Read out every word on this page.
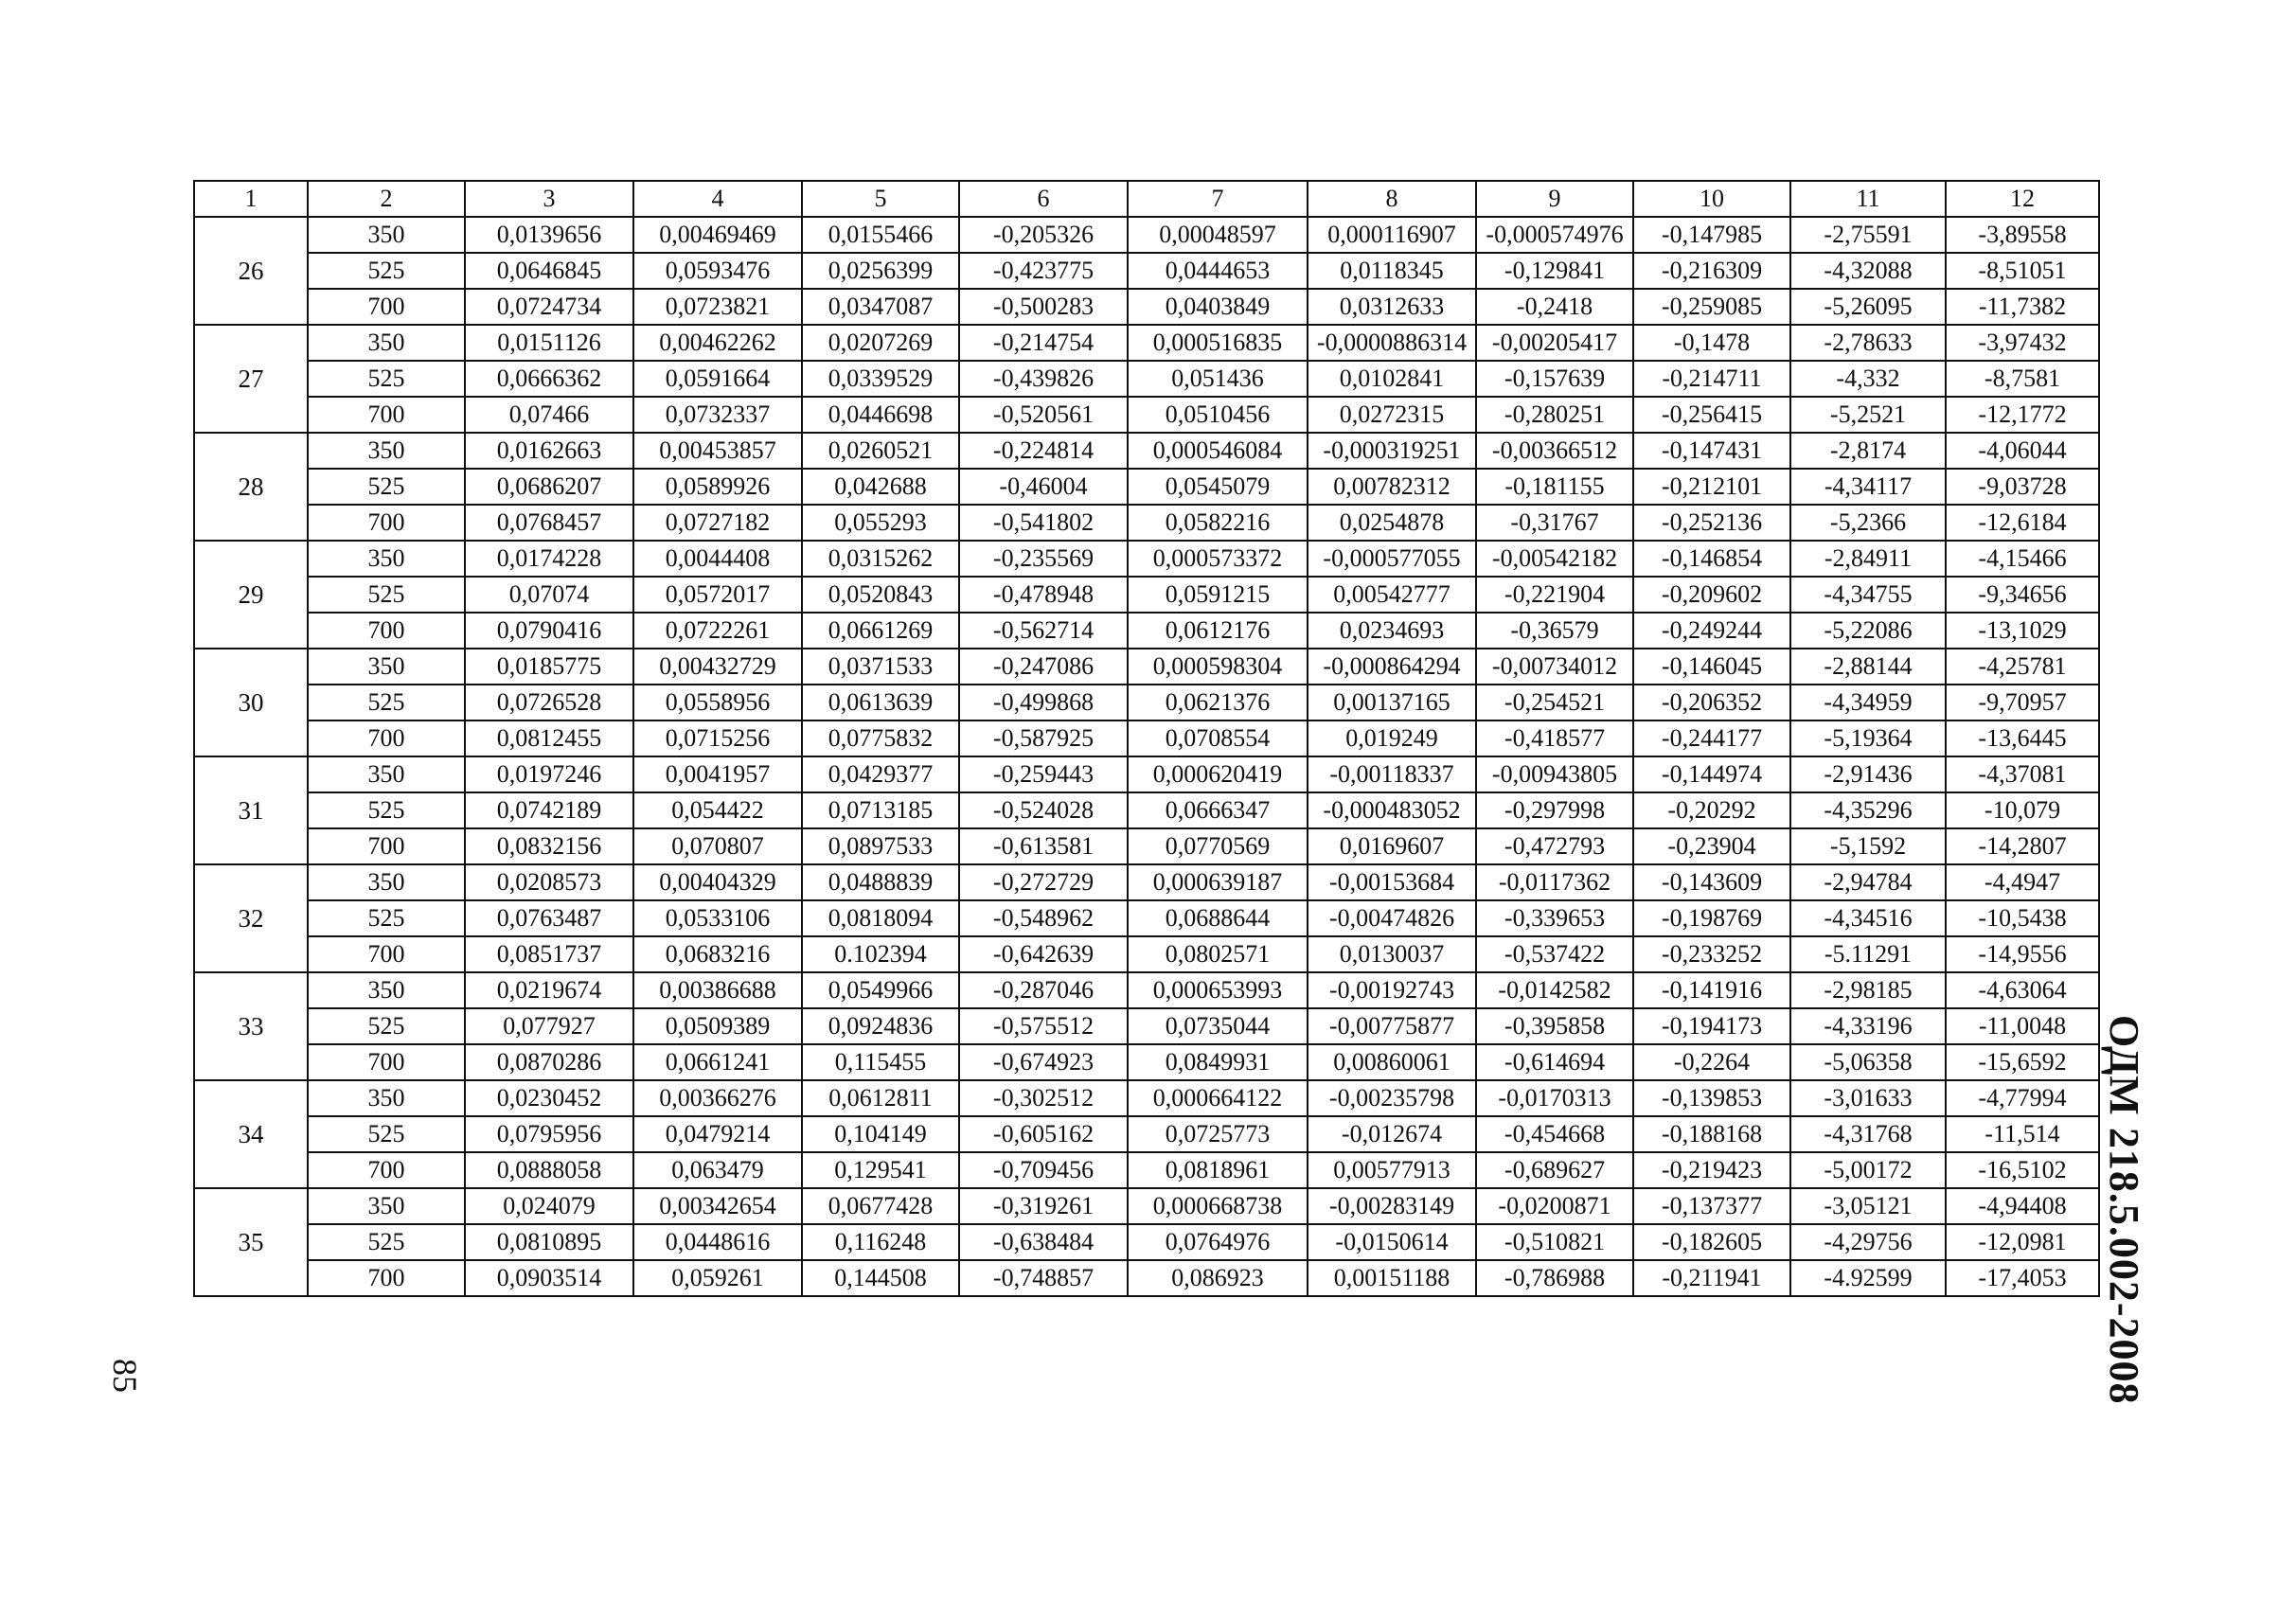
1	2	3	4	5	6	7	8	9	10	11	12
26	350	0,0139656	0,00469469	0,0155466	-0,205326	0,00048597	0,000116907	-0,000574976	-0,147985	-2,75591	-3,89558
	525	0,0646845	0,0593476	0,0256399	-0,423775	0,0444653	0,0118345	-0,129841	-0,216309	-4,32088	-8,51051
	700	0,0724734	0,0723821	0,0347087	-0,500283	0,0403849	0,0312633	-0,2418	-0,259085	-5,26095	-11,7382
27	350	0,0151126	0,00462262	0,0207269	-0,214754	0,000516835	-0,0000886314	-0,00205417	-0,1478	-2,78633	-3,97432
	525	0,0666362	0,0591664	0,0339529	-0,439826	0,051436	0,0102841	-0,157639	-0,214711	-4,332	-8,7581
	700	0,07466	0,0732337	0,0446698	-0,520561	0,0510456	0,0272315	-0,280251	-0,256415	-5,2521	-12,1772
28	350	0,0162663	0,00453857	0,0260521	-0,224814	0,000546084	-0,000319251	-0,00366512	-0,147431	-2,8174	-4,06044
	525	0,0686207	0,0589926	0,042688	-0,46004	0,0545079	0,00782312	-0,181155	-0,212101	-4,34117	-9,03728
	700	0,0768457	0,0727182	0,055293	-0,541802	0,0582216	0,0254878	-0,31767	-0,252136	-5,2366	-12,6184
29	350	0,0174228	0,0044408	0,0315262	-0,235569	0,000573372	-0,000577055	-0,00542182	-0,146854	-2,84911	-4,15466
	525	0,07074	0,0572017	0,0520843	-0,478948	0,0591215	0,00542777	-0,221904	-0,209602	-4,34755	-9,34656
	700	0,0790416	0,0722261	0,0661269	-0,562714	0,0612176	0,0234693	-0,36579	-0,249244	-5,22086	-13,1029
30	350	0,0185775	0,00432729	0,0371533	-0,247086	0,000598304	-0,000864294	-0,00734012	-0,146045	-2,88144	-4,25781
	525	0,0726528	0,0558956	0,0613639	-0,499868	0,0621376	0,00137165	-0,254521	-0,206352	-4,34959	-9,70957
	700	0,0812455	0,0715256	0,0775832	-0,587925	0,0708554	0,019249	-0,418577	-0,244177	-5,19364	-13,6445
31	350	0,0197246	0,0041957	0,0429377	-0,259443	0,000620419	-0,00118337	-0,00943805	-0,144974	-2,91436	-4,37081
	525	0,0742189	0,054422	0,0713185	-0,524028	0,0666347	-0,000483052	-0,297998	-0,20292	-4,35296	-10,079
	700	0,0832156	0,070807	0,0897533	-0,613581	0,0770569	0,0169607	-0,472793	-0,23904	-5,1592	-14,2807
32	350	0,0208573	0,00404329	0,0488839	-0,272729	0,000639187	-0,00153684	-0,0117362	-0,143609	-2,94784	-4,4947
	525	0,0763487	0,0533106	0,0818094	-0,548962	0,0688644	-0,00474826	-0,339653	-0,198769	-4,34516	-10,5438
	700	0,0851737	0,0683216	0.102394	-0,642639	0,0802571	0,0130037	-0,537422	-0,233252	-5.11291	-14,9556
33	350	0,0219674	0,00386688	0,0549966	-0,287046	0,000653993	-0,00192743	-0,0142582	-0,141916	-2,98185	-4,63064
	525	0,077927	0,0509389	0,0924836	-0,575512	0,0735044	-0,00775877	-0,395858	-0,194173	-4,33196	-11,0048
	700	0,0870286	0,0661241	0,115455	-0,674923	0,0849931	0,00860061	-0,614694	-0,2264	-5,06358	-15,6592
34	350	0,0230452	0,00366276	0,0612811	-0,302512	0,000664122	-0,00235798	-0,0170313	-0,139853	-3,01633	-4,77994
	525	0,0795956	0,0479214	0,104149	-0,605162	0,0725773	-0,012674	-0,454668	-0,188168	-4,31768	-11,514
	700	0,0888058	0,063479	0,129541	-0,709456	0,0818961	0,00577913	-0,689627	-0,219423	-5,00172	-16,5102
35	350	0,024079	0,00342654	0,0677428	-0,319261	0,000668738	-0,00283149	-0,0200871	-0,137377	-3,05121	-4,94408
	525	0,0810895	0,0448616	0,116248	-0,638484	0,0764976	-0,0150614	-0,510821	-0,182605	-4,29756	-12,0981
	700	0,0903514	0,059261	0,144508	-0,748857	0,086923	0,00151188	-0,786988	-0,211941	-4.92599	-17,4053 ОДМ 218.5.002-2008
85
